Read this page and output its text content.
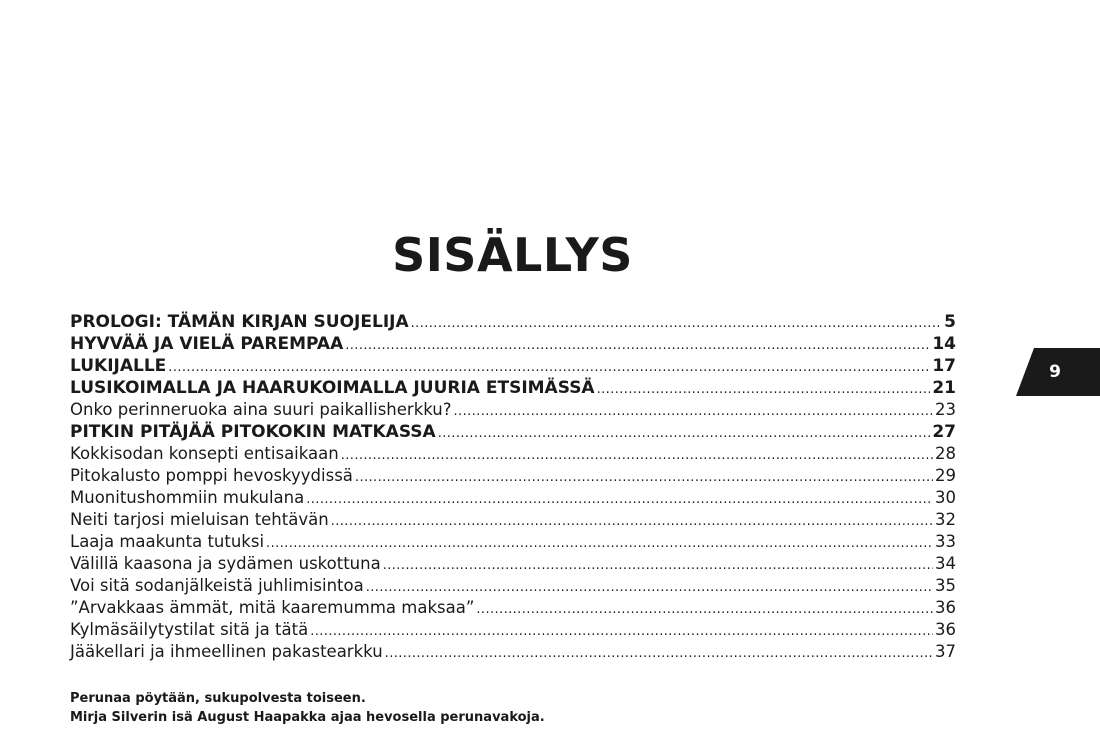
SISÄLLYS
PROLOGI: TÄMÄN KIRJAN SUOJELIJA .....	5
HYVVÄÄ JA VIELÄ PAREMPAA .....	14
LUKIJALLE .....	17
LUSIKOIMALLA JA HAARUKOIMALLA JUURIA ETSIMÄSSÄ .....	21
Onko perinneruoka aina suuri paikallisherkku? .....	23
PITKIN PITÄJÄÄ PITOKOKIN MATKASSA .....	27
Kokkisodan konsepti entisaikaan .....	28
Pitokalusto pomppi hevoskyydissä .....	29
Muonitushommiin mukulana .....	30
Neiti tarjosi mieluisan tehtävän .....	32
Laaja maakunta tutuksi .....	33
Välillä kaasona ja sydämen uskottuna .....	34
Voi sitä sodanjälkeistä juhlimisintoa .....	35
”Arvakkaas ämmät, mitä kaaremumma maksaa” .....	36
Kylmäsäilytystilat sitä ja tätä .....	36
Jääkellari ja ihmeellinen pakastearkku .....	37
9
Perunaa pöytään, sukupolvesta toiseen.
Mirja Silverin isä August Haapakka ajaa hevosella perunavakoja.
